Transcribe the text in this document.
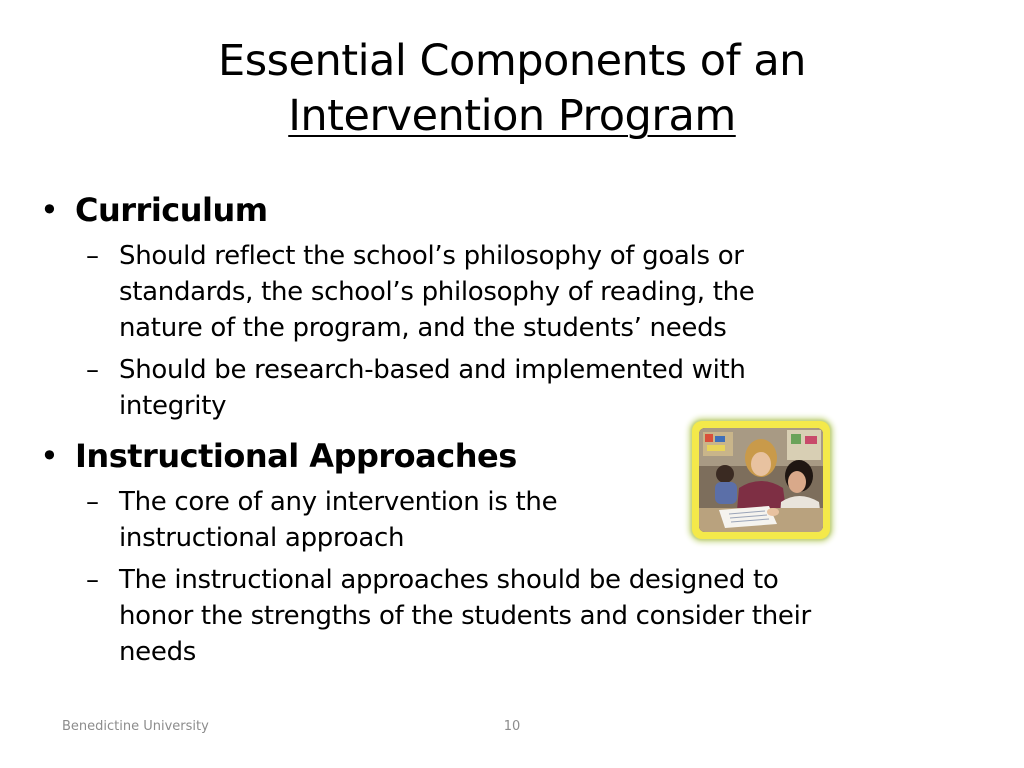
Essential Components of an
Intervention Program
• Curriculum
– Should reflect the school’s philosophy of goals or
standards, the school’s philosophy of reading, the
nature of the program, and the students’ needs
– Should be research-based and implemented with
integrity
• Instructional Approaches
– The core of any intervention is the
instructional approach
– The instructional approaches should be designed to
honor the strengths of the students and consider their
needs
Benedictine University	10
